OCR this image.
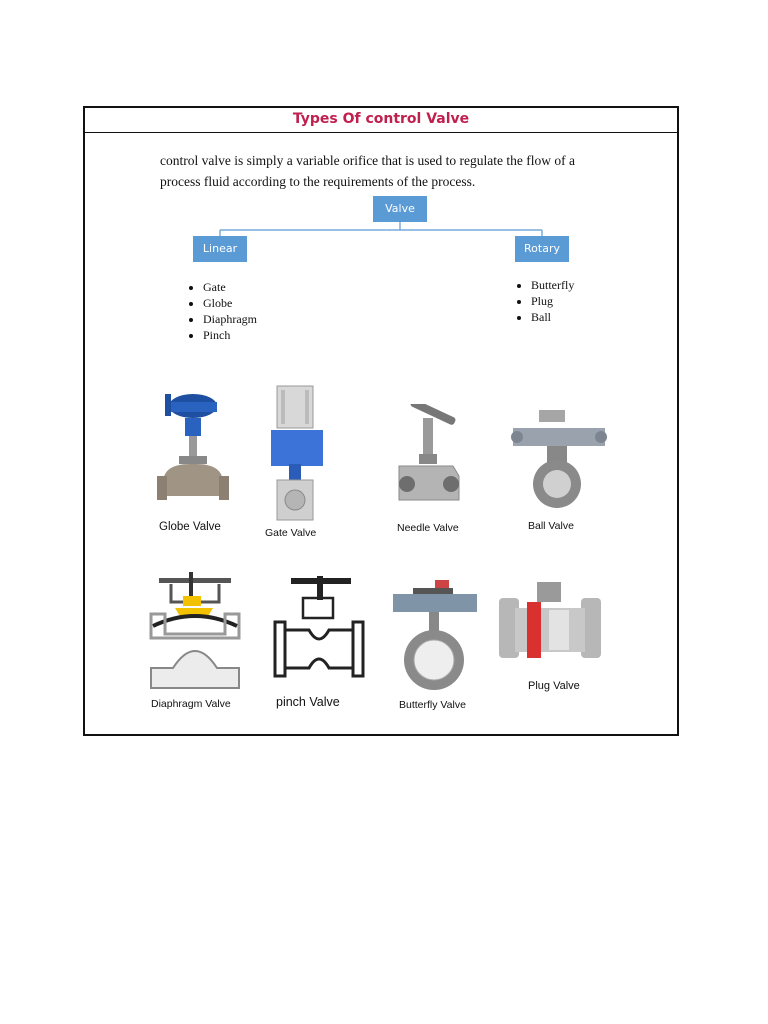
Types Of control Valve
control valve is simply a variable orifice that is used to regulate the flow of a process fluid according to the requirements of the process.
Valve types
Linear	Rotary
• Gate
• Globe
• Diaphragm
• Pinch
• Butterfly
• Plug
• Ball
Globe Valve	Gate Valve	Needle Valve	Ball Valve
Diaphragm Valve	pinch Valve	Butterfly Valve
Plug Valve
